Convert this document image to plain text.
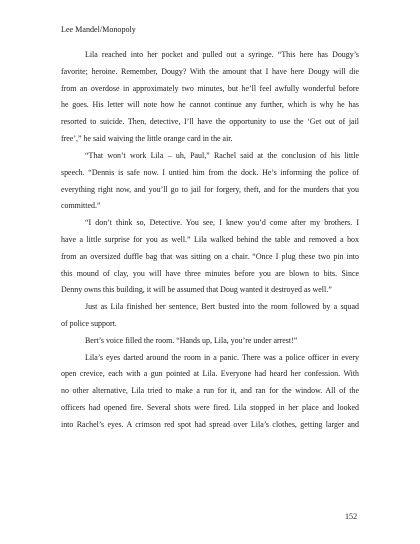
Lee Mandel/Monopoly
Lila reached into her pocket and pulled out a syringe. “This here has Dougy’s
favorite; heroine. Remember, Dougy? With the amount that I have here Dougy will die
from an overdose in approximately two minutes, but he’ll feel awfully wonderful before
he goes. His letter will note how he cannot continue any further, which is why he has
resorted to suicide. Then, detective, I’ll have the opportunity to use the ‘Get out of jail
free’,” he said waiving the little orange card in the air.
“That won’t work Lila – uh, Paul,” Rachel said at the conclusion of his little
speech. “Dennis is safe now. I untied him from the dock. He’s informing the police of
everything right now, and you’ll go to jail for forgery, theft, and for the murders that you
committed.”
“I don’t think so, Detective. You see, I knew you’d come after my brothers. I
have a little surprise for you as well.” Lila walked behind the table and removed a box
from an oversized duffle bag that was sitting on a chair. “Once I plug these two pin into
this mound of clay, you will have three minutes before you are blown to bits. Since
Denny owns this building, it will be assumed that Doug wanted it destroyed as well.”
Just as Lila finished her sentence, Bert busted into the room followed by a squad
of police support.
Bert’s voice filled the room. “Hands up, Lila, you’re under arrest!”
Lila’s eyes darted around the room in a panic. There was a police officer in every
open crevice, each with a gun pointed at Lila. Everyone had heard her confession. With
no other alternative, Lila tried to make a run for it, and ran for the window. All of the
officers had opened fire. Several shots were fired. Lila stopped in her place and looked
into Rachel’s eyes. A crimson red spot had spread over Lila’s clothes, getting larger and
152
